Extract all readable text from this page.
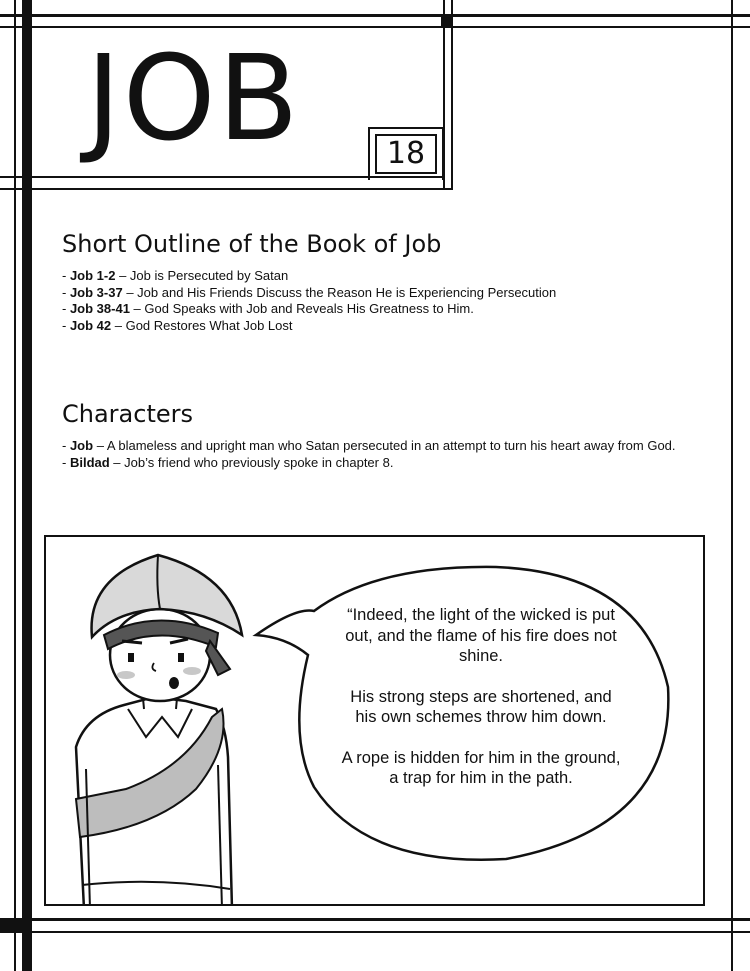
JOB	18
Short Outline of the Book of Job
- Job 1-2 – Job is Persecuted by Satan
- Job 3-37 – Job and His Friends Discuss the Reason He is Experiencing Persecution
- Job 38-41 – God Speaks with Job and Reveals His Greatness to Him.
- Job 42 – God Restores What Job Lost
Characters
- Job – A blameless and upright man who Satan persecuted in an attempt to turn his heart away from God.
- Bildad – Job’s friend who previously spoke in chapter 8.

“Indeed, the light of the wicked is put out, and the flame of his fire does not shine.

His strong steps are shortened, and his own schemes throw him down.

A rope is hidden for him in the ground, a trap for him in the path.
